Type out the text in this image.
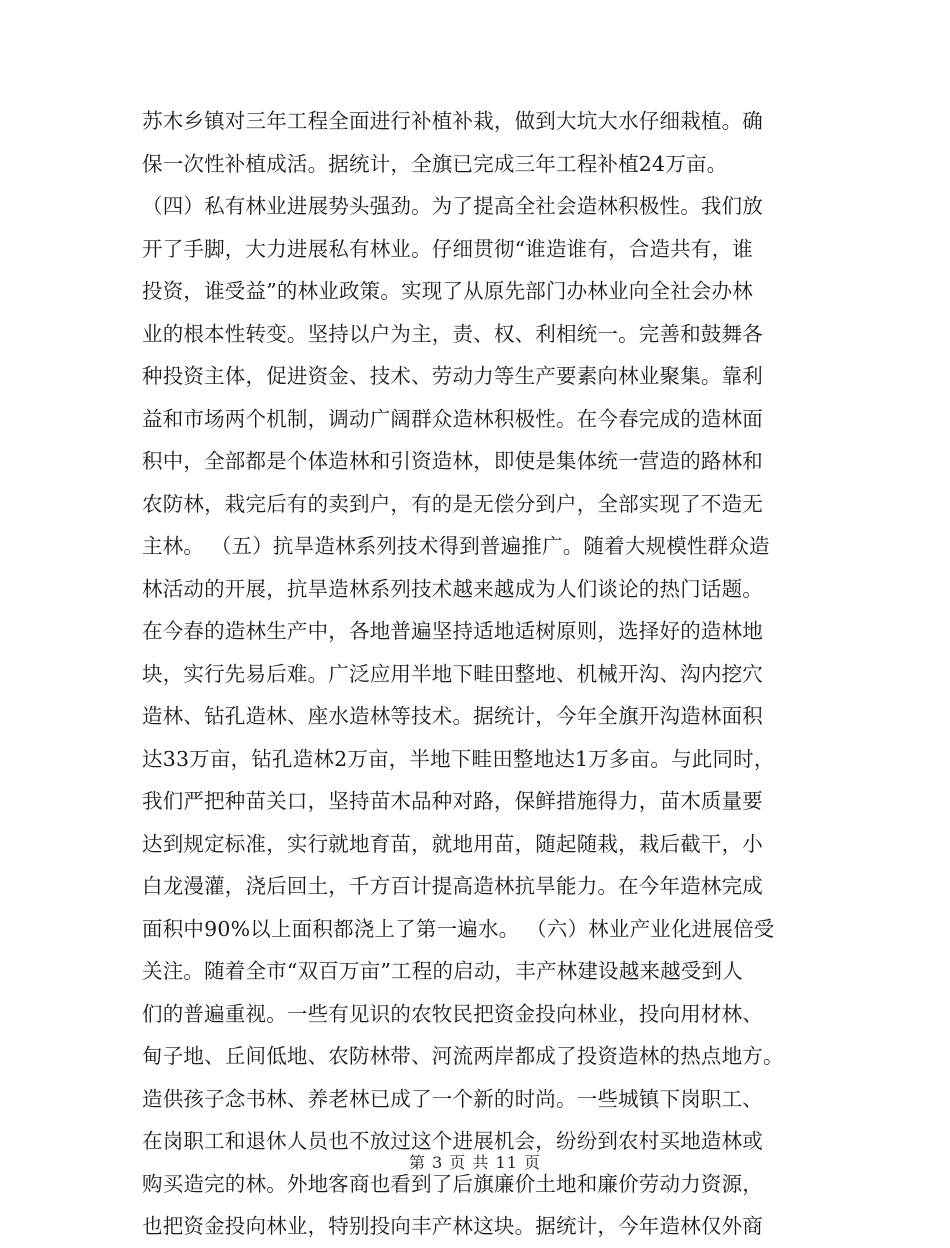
苏木乡镇对三年工程全面进行补植补栽，做到大坑大水仔细栽植。确
保一次性补植成活。据统计，全旗已完成三年工程补植24万亩。
（四）私有林业进展势头强劲。为了提高全社会造林积极性。我们放
开了手脚，大力进展私有林业。仔细贯彻“谁造谁有，合造共有，谁
投资，谁受益”的林业政策。实现了从原先部门办林业向全社会办林
业的根本性转变。坚持以户为主，责、权、利相统一。完善和鼓舞各
种投资主体，促进资金、技术、劳动力等生产要素向林业聚集。靠利
益和市场两个机制，调动广阔群众造林积极性。在今春完成的造林面
积中，全部都是个体造林和引资造林，即使是集体统一营造的路林和
农防林，栽完后有的卖到户，有的是无偿分到户，全部实现了不造无
主林。 （五）抗旱造林系列技术得到普遍推广。随着大规模性群众造
林活动的开展，抗旱造林系列技术越来越成为人们谈论的热门话题。
在今春的造林生产中，各地普遍坚持适地适树原则，选择好的造林地
块，实行先易后难。广泛应用半地下畦田整地、机械开沟、沟内挖穴
造林、钻孔造林、座水造林等技术。据统计，今年全旗开沟造林面积
达33万亩，钻孔造林2万亩，半地下畦田整地达1万多亩。与此同时，
我们严把种苗关口，坚持苗木品种对路，保鲜措施得力，苗木质量要
达到规定标准，实行就地育苗，就地用苗，随起随栽，栽后截干，小
白龙漫灌，浇后回土，千方百计提高造林抗旱能力。在今年造林完成
面积中90%以上面积都浇上了第一遍水。 （六）林业产业化进展倍受
关注。随着全市“双百万亩”工程的启动，丰产林建设越来越受到人
们的普遍重视。一些有见识的农牧民把资金投向林业，投向用材林、
甸子地、丘间低地、农防林带、河流两岸都成了投资造林的热点地方。
造供孩子念书林、养老林已成了一个新的时尚。一些城镇下岗职工、
在岗职工和退休人员也不放过这个进展机会，纷纷到农村买地造林或
购买造完的林。外地客商也看到了后旗廉价土地和廉价劳动力资源，
也把资金投向林业，特别投向丰产林这块。据统计，今年造林仅外商
第 3 页 共 11 页
